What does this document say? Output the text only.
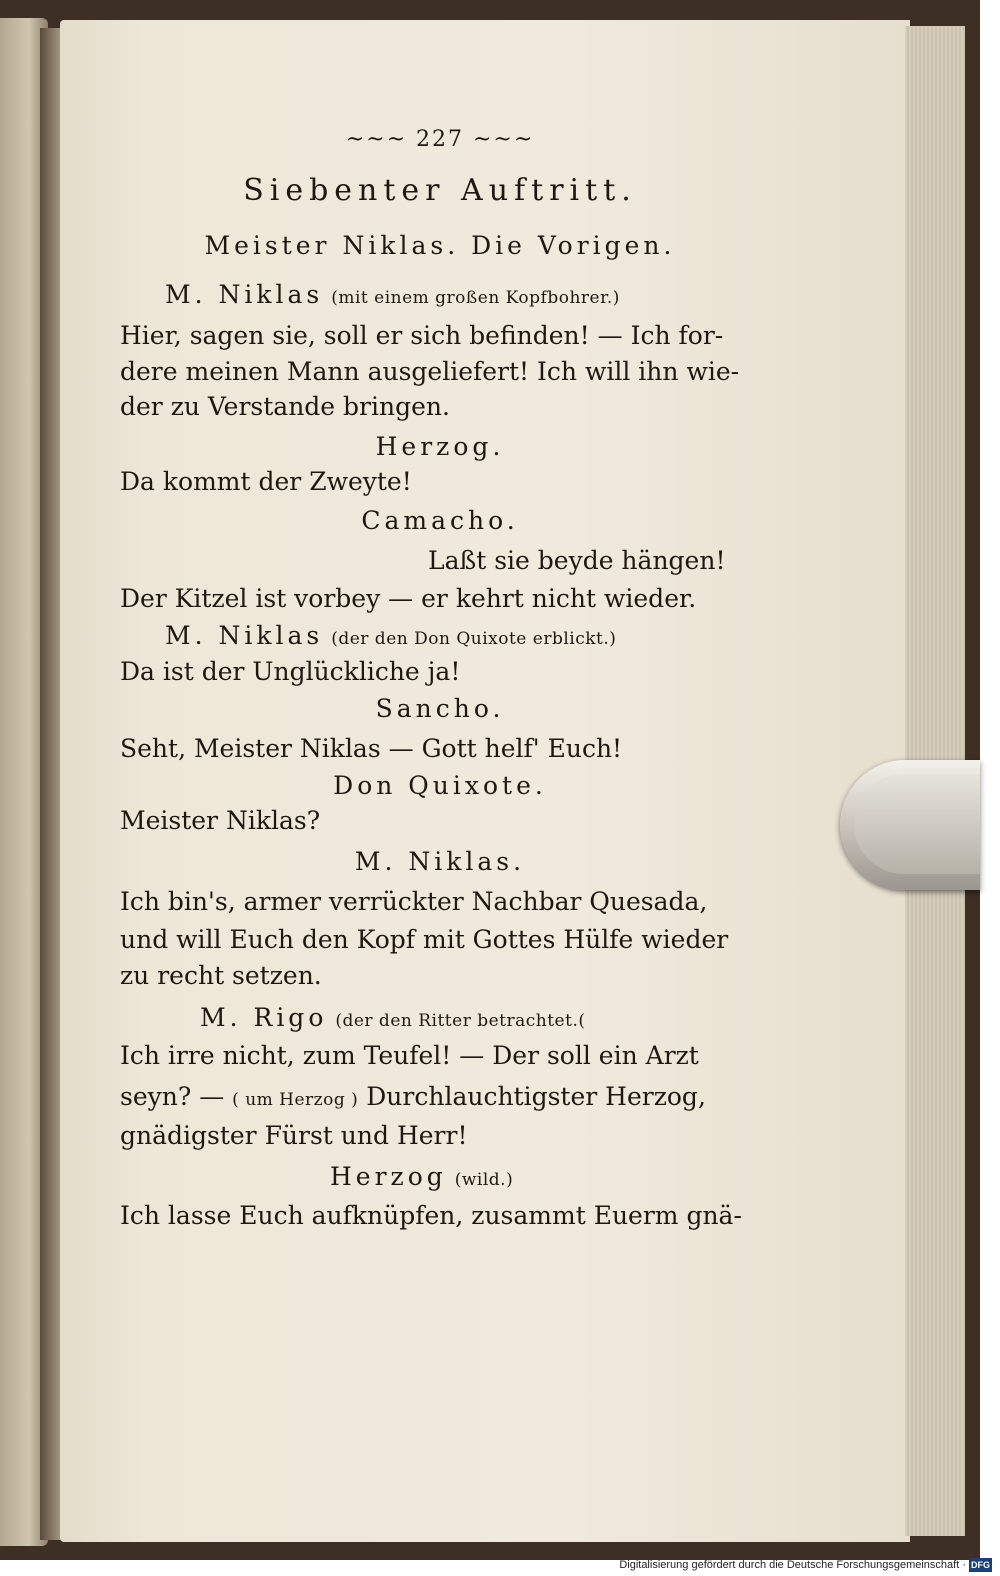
~~~ 227 ~~~
Siebenter Auftritt.
Meister Niklas. Die Vorigen.
M. Niklas (mit einem großen Kopfbohrer.)
Hier, sagen sie, soll er sich befinden! — Ich for-
dere meinen Mann ausgeliefert! Ich will ihn wie-
der zu Verstande bringen.
Herzog.
Da kommt der Zweyte!
Camacho.
Laßt sie beyde hängen!
Der Kitzel ist vorbey — er kehrt nicht wieder.
M. Niklas (der den Don Quixote erblickt.)
Da ist der Unglückliche ja!
Sancho.
Seht, Meister Niklas — Gott helf' Euch!
Don Quixote.
Meister Niklas?
M. Niklas.
Ich bin's, armer verrückter Nachbar Quesada,
und will Euch den Kopf mit Gottes Hülfe wieder
zu recht setzen.
M. Rigo (der den Ritter betrachtet.(
Ich irre nicht, zum Teufel! — Der soll ein Arzt
seyn? — ( um Herzog ) Durchlauchtigster Herzog,
gnädigster Fürst und Herr!
Herzog (wild.)
Ich lasse Euch aufknüpfen, zusammt Euerm gnä-
Digitalisierung gefördert durch die Deutsche Forschungsgemeinschaft · DFG
